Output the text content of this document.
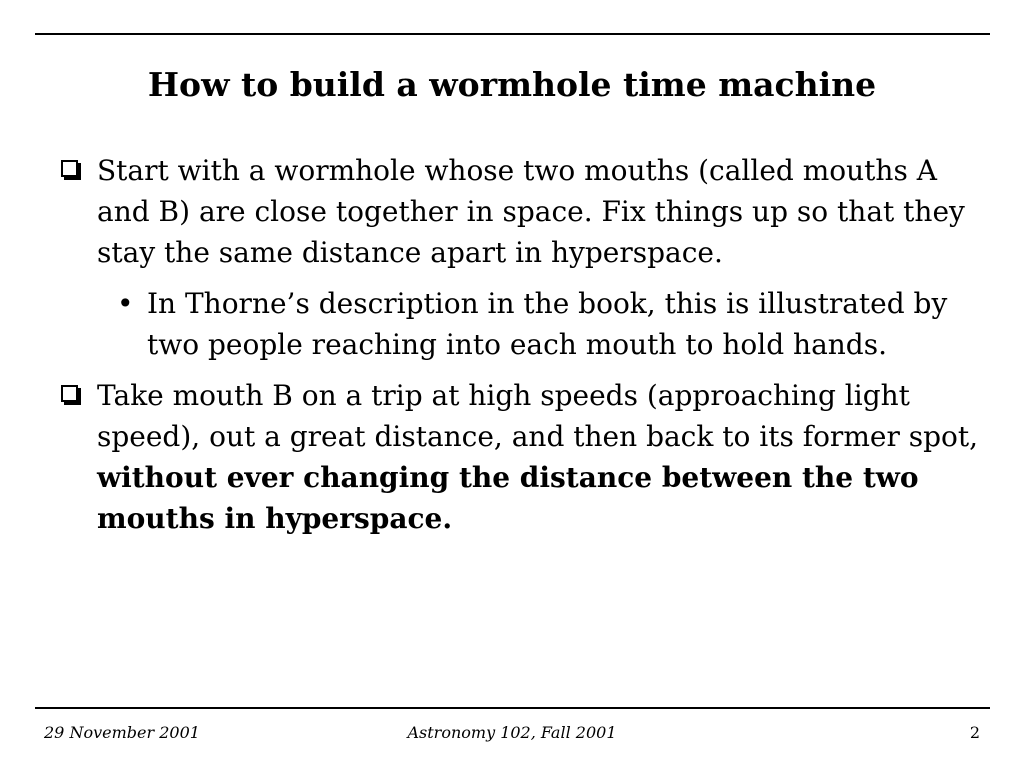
How to build a wormhole time machine

Start with a wormhole whose two mouths (called mouths A and B) are close together in space. Fix things up so that they stay the same distance apart in hyperspace.

• In Thorne’s description in the book, this is illustrated by two people reaching into each mouth to hold hands.

Take mouth B on a trip at high speeds (approaching light speed), out a great distance, and then back to its former spot, without ever changing the distance between the two mouths in hyperspace.

Astronomy 102, Fall 2001
29 November 2001	2
